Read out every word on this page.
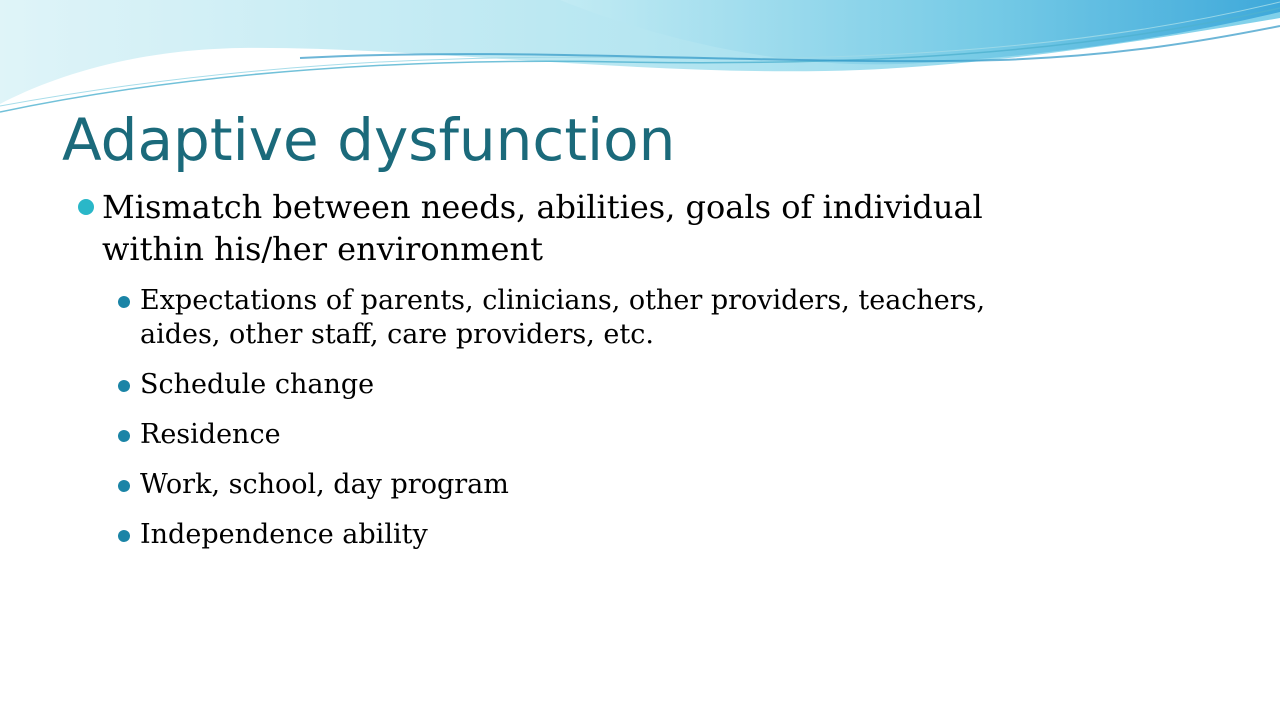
Adaptive dysfunction
Mismatch between needs, abilities, goals of individual within his/her environment
Expectations of parents, clinicians, other providers, teachers, aides, other staff, care providers, etc.
Schedule change
Residence
Work, school, day program
Independence ability
